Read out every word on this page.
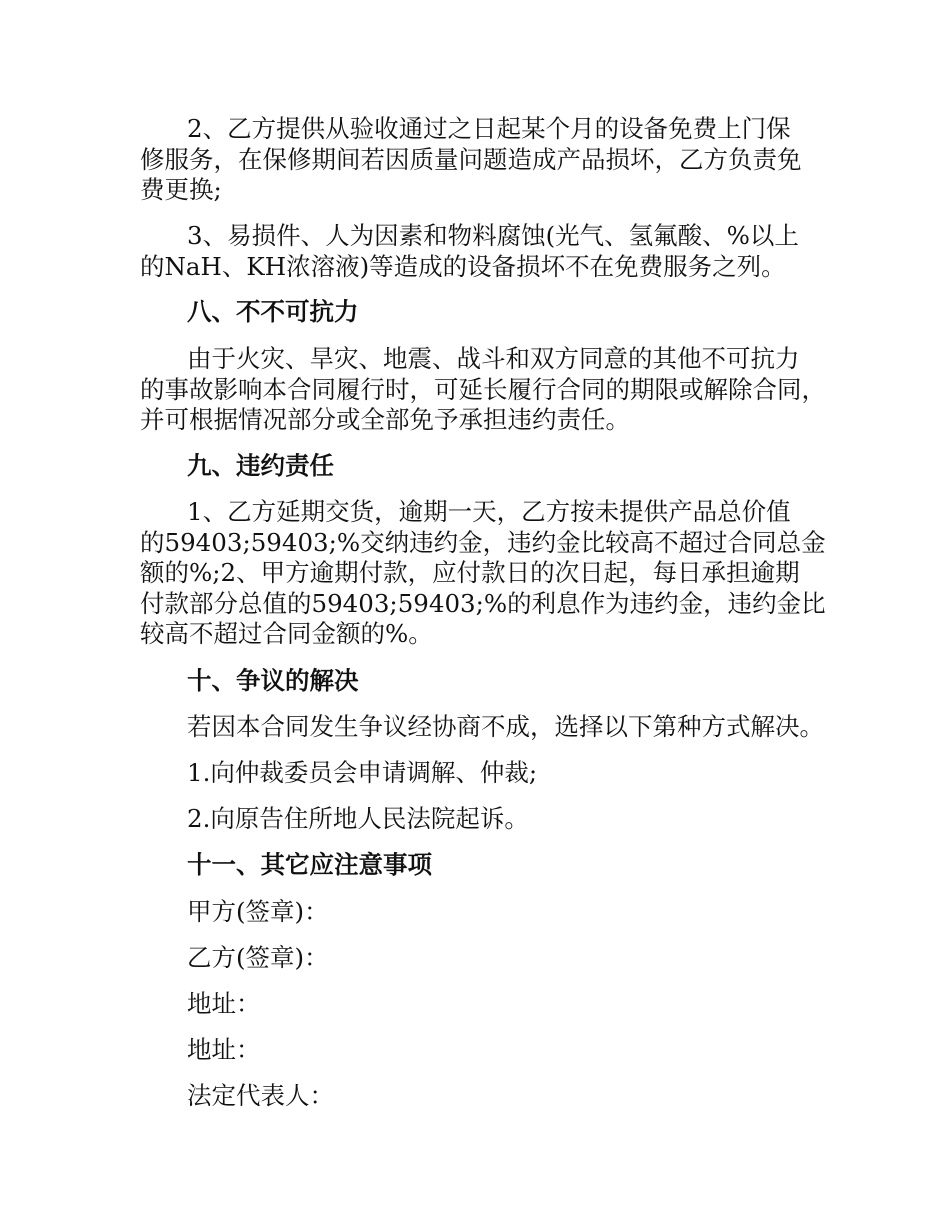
2、乙方提供从验收通过之日起某个月的设备免费上门保
修服务，在保修期间若因质量问题造成产品损坏，乙方负责免
费更换;
3、易损件、人为因素和物料腐蚀(光气、氢氟酸、%以上
的NaH、KH浓溶液)等造成的设备损坏不在免费服务之列。
八、不不可抗力
由于火灾、旱灾、地震、战斗和双方同意的其他不可抗力
的事故影响本合同履行时，可延长履行合同的期限或解除合同，
并可根据情况部分或全部免予承担违约责任。
九、违约责任
1、乙方延期交货，逾期一天，乙方按未提供产品总价值
的59403;59403;%交纳违约金，违约金比较高不超过合同总金
额的%;2、甲方逾期付款，应付款日的次日起，每日承担逾期
付款部分总值的59403;59403;%的利息作为违约金，违约金比
较高不超过合同金额的%。
十、争议的解决
若因本合同发生争议经协商不成，选择以下第种方式解决。
1.向仲裁委员会申请调解、仲裁;
2.向原告住所地人民法院起诉。
十一、其它应注意事项
甲方(签章)：
乙方(签章)：
地址：
地址：
法定代表人：
